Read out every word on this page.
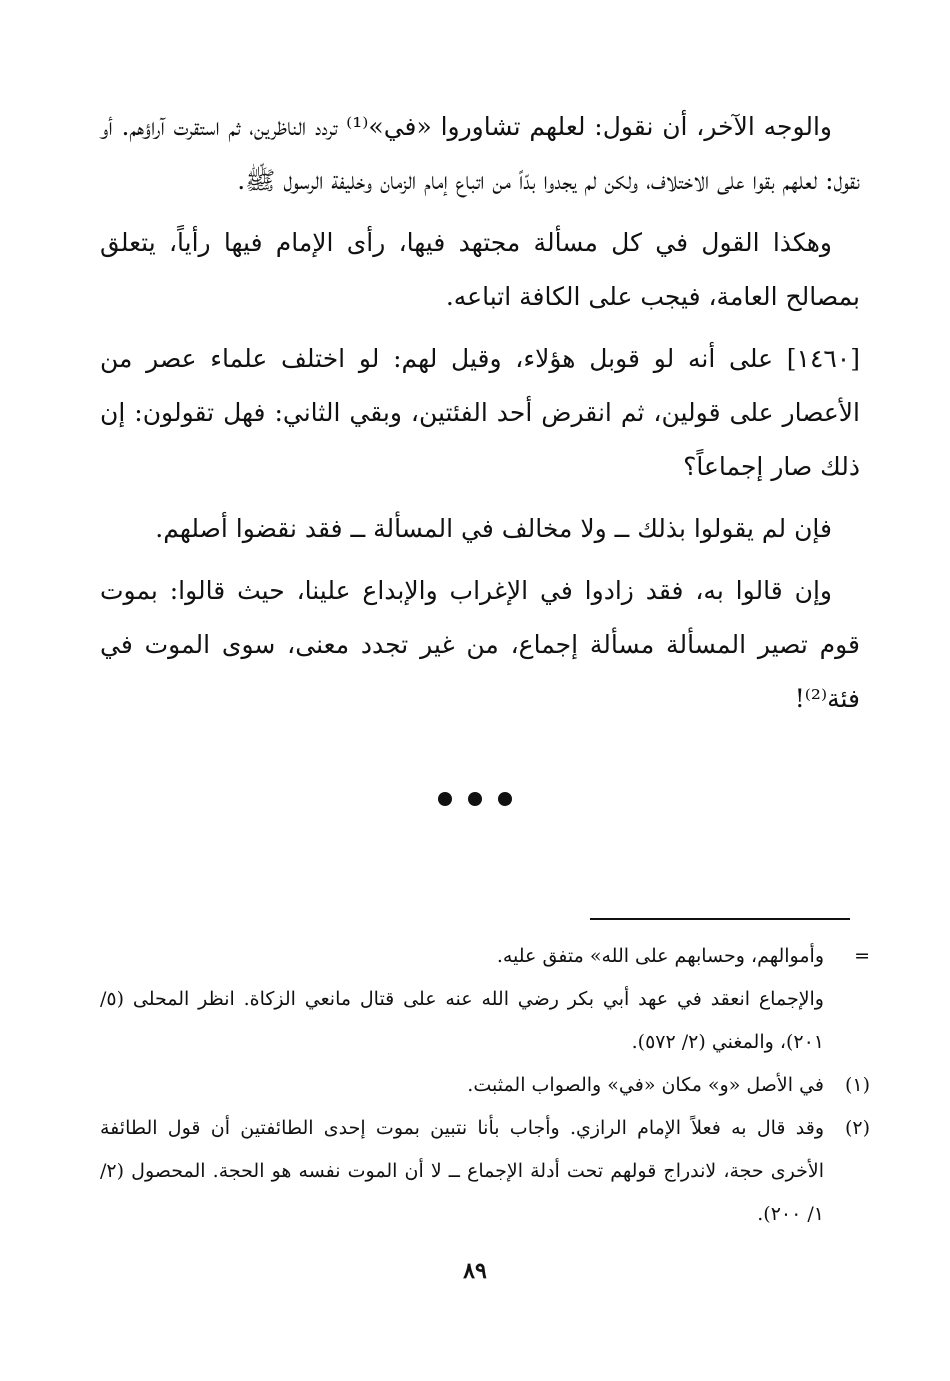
والوجه الآخر، أن نقول: لعلهم تشاوروا «في»⁽¹⁾ تردد الناظرين، ثم استقرت آراؤهم. أو نقول: لعلهم بقوا على الاختلاف، ولكن لم يجدوا بدّاً من اتباع إمام الزمان وخليفة الرسول ﷺ.

وهكذا القول في كل مسألة مجتهد فيها، رأى الإمام فيها رأياً، يتعلق بمصالح العامة، فيجب على الكافة اتباعه.

[١٤٦٠] على أنه لو قوبل هؤلاء، وقيل لهم: لو اختلف علماء عصر من الأعصار على قولين، ثم انقرض أحد الفئتين، وبقي الثاني: فهل تقولون: إن ذلك صار إجماعاً؟

فإن لم يقولوا بذلك ــ ولا مخالف في المسألة ــ فقد نقضوا أصلهم.

وإن قالوا به، فقد زادوا في الإغراب والإبداع علينا، حيث قالوا: بموت قوم تصير المسألة مسألة إجماع، من غير تجدد معنى، سوى الموت في فئة⁽²⁾!

=
وأموالهم، وحسابهم على الله» متفق عليه.
والإجماع انعقد في عهد أبي بكر رضي الله عنه على قتال مانعي الزكاة. انظر المحلى (٥/ ٢٠١)، والمغني (٢/ ٥٧٢).
(١)
في الأصل «و» مكان «في» والصواب المثبت.
(٢)
وقد قال به فعلاً الإمام الرازي. وأجاب بأنا نتبين بموت إحدى الطائفتين أن قول الطائفة الأخرى حجة، لاندراج قولهم تحت أدلة الإجماع ــ لا أن الموت نفسه هو الحجة. المحصول (٢/ ١/ ٢٠٠).
٨٩
